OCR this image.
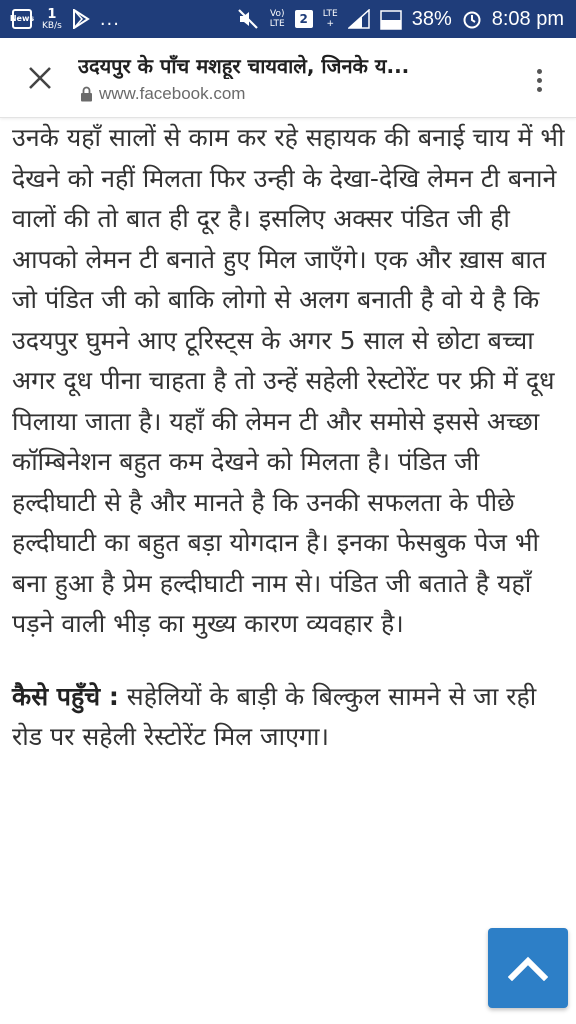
News 1
KB/s ...	Vo)
LTE	2	LTE
+	38% 8:08 pm
उदयपुर के पाँच मशहूर चायवाले, जिनके य...
www.facebook.com

उनके यहाँ सालों से काम कर रहे सहायक की बनाई चाय में भी देखने को नहीं मिलता फिर उन्ही के देखा-देखि लेमन टी बनाने वालों की तो बात ही दूर है। इसलिए अक्सर पंडित जी ही आपको लेमन टी बनाते हुए मिल जाएँगे। एक और ख़ास बात जो पंडित जी को बाकि लोगो से अलग बनाती है वो ये है कि उदयपुर घुमने आए टूरिस्ट्स के अगर 5 साल से छोटा बच्चा अगर दूध पीना चाहता है तो उन्हें सहेली रेस्टोरेंट पर फ्री में दूध पिलाया जाता है। यहाँ की लेमन टी और समोसे इससे अच्छा कॉम्बिनेशन बहुत कम देखने को मिलता है। पंडित जी हल्दीघाटी से है और मानते है कि उनकी सफलता के पीछे हल्दीघाटी का बहुत बड़ा योगदान है। इनका फेसबुक पेज भी बना हुआ है प्रेम हल्दीघाटी नाम से। पंडित जी बताते है यहाँ पड़ने वाली भीड़ का मुख्य कारण व्यवहार है।

कैसे पहुँचे : सहेलियों के बाड़ी के बिल्कुल सामने से जा रही रोड पर सहेली रेस्टोरेंट मिल जाएगा।
